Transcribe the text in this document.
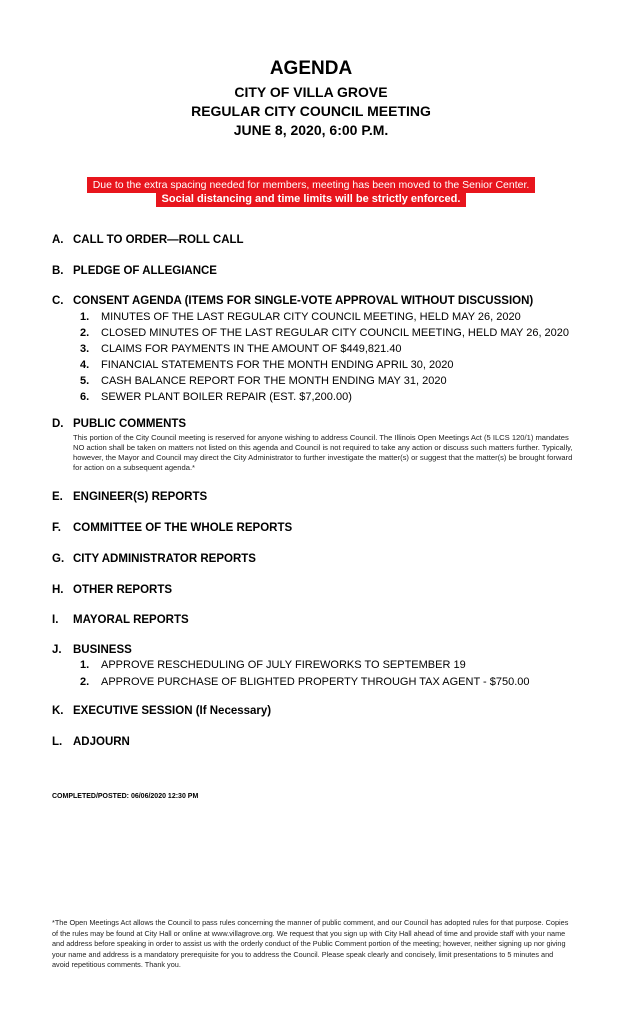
AGENDA
CITY OF VILLA GROVE
REGULAR CITY COUNCIL MEETING
JUNE 8, 2020, 6:00 P.M.
Due to the extra spacing needed for members, meeting has been moved to the Senior Center.
Social distancing and time limits will be strictly enforced.
A. CALL TO ORDER—ROLL CALL
B. PLEDGE OF ALLEGIANCE
C. CONSENT AGENDA (ITEMS FOR SINGLE-VOTE APPROVAL WITHOUT DISCUSSION)
1. MINUTES OF THE LAST REGULAR CITY COUNCIL MEETING, HELD MAY 26, 2020
2. CLOSED MINUTES OF THE LAST REGULAR CITY COUNCIL MEETING, HELD MAY 26, 2020
3. CLAIMS FOR PAYMENTS IN THE AMOUNT OF $449,821.40
4. FINANCIAL STATEMENTS FOR THE MONTH ENDING APRIL 30, 2020
5. CASH BALANCE REPORT FOR THE MONTH ENDING MAY 31, 2020
6. SEWER PLANT BOILER REPAIR (EST. $7,200.00)
D. PUBLIC COMMENTS
This portion of the City Council meeting is reserved for anyone wishing to address Council. The Illinois Open Meetings Act (5 ILCS 120/1) mandates NO action shall be taken on matters not listed on this agenda and Council is not required to take any action or discuss such matters further. Typically, however, the Mayor and Council may direct the City Administrator to further investigate the matter(s) or suggest that the matter(s) be brought forward for action on a subsequent agenda.*
E. ENGINEER(S) REPORTS
F. COMMITTEE OF THE WHOLE REPORTS
G. CITY ADMINISTRATOR REPORTS
H. OTHER REPORTS
I. MAYORAL REPORTS
J. BUSINESS
1. APPROVE RESCHEDULING OF JULY FIREWORKS TO SEPTEMBER 19
2. APPROVE PURCHASE OF BLIGHTED PROPERTY THROUGH TAX AGENT - $750.00
K. EXECUTIVE SESSION (If Necessary)
L. ADJOURN
COMPLETED/POSTED: 06/06/2020 12:30 PM
*The Open Meetings Act allows the Council to pass rules concerning the manner of public comment, and our Council has adopted rules for that purpose. Copies of the rules may be found at City Hall or online at www.villagrove.org. We request that you sign up with City Hall ahead of time and provide staff with your name and address before speaking in order to assist us with the orderly conduct of the Public Comment portion of the meeting; however, neither signing up nor giving your name and address is a mandatory prerequisite for you to address the Council. Please speak clearly and concisely, limit presentations to 5 minutes and avoid repetitious comments. Thank you.
